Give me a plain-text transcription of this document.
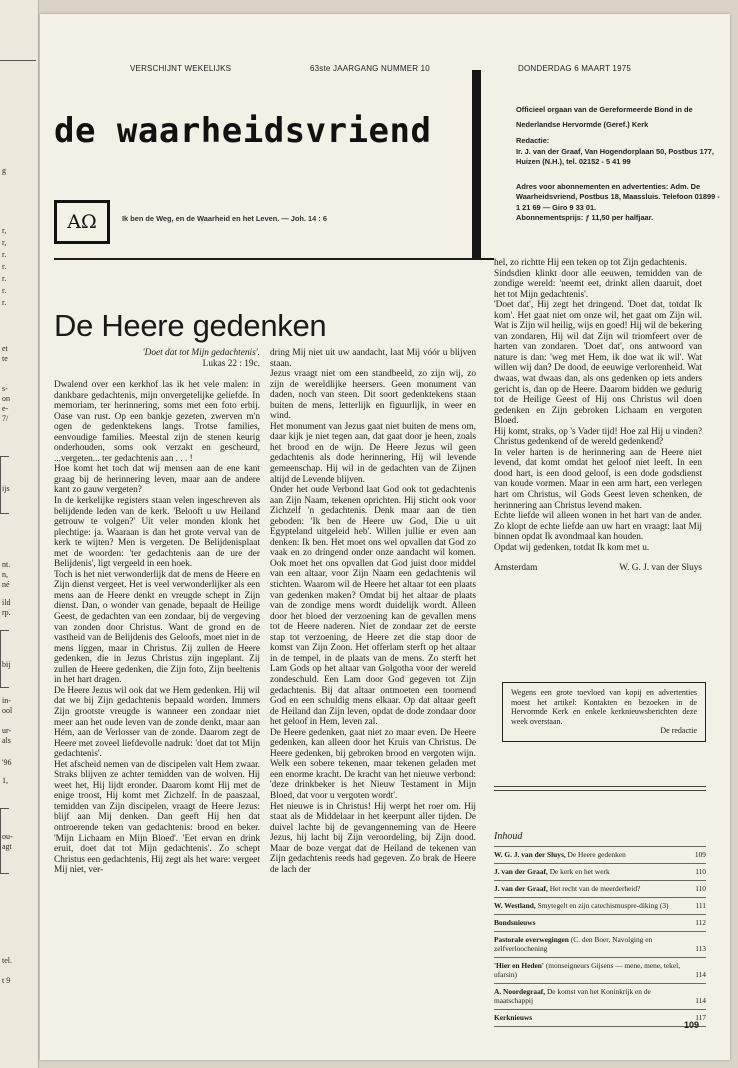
g
r,
r,
r.
r.
r.
r.
r.
et
te
s-
on
e-
7/
ijs
nt.
n,
né
ild
rp.
bij
in-
ool
ur-
als
'96
1,
ou-
agt
tel.
t 9
VERSCHIJNT WEKELIJKS	63ste JAARGANG NUMMER 10	DONDERDAG 6 MAART 1975
de waarheidsvriend

Officieel orgaan van de Gereformeerde Bond in de Nederlandse Hervormde (Geref.) Kerk

Redactie:

Ir. J. van der Graaf, Van Hogendorplaan 50, Postbus 177, Huizen (N.H.), tel. 02152 - 5 41 99

Adres voor abonnementen en advertenties: Adm. De Waarheidsvriend, Postbus 18, Maassluis. Telefoon 01899 - 1 21 69 — Giro 9 33 01.

Abonnementsprijs: ƒ 11,50 per halfjaar.

AΩ	Ik ben de Weg, en de Waarheid en het Leven. — Joh. 14 : 6
De Heere gedenken

'Doet dat tot Mijn gedachtenis'.
Lukas 22 : 19c.

Dwalend over een kerkhof las ik het vele malen: in dankbare gedachtenis, mijn onvergetelijke geliefde. In memoriam, ter herinnering, soms met een foto erbij. Oase van rust. Op een bankje gezeten, zwerven m'n ogen de gedenktekens langs. Trotse families, eenvoudige families. Meestal zijn de stenen keurig onderhouden, soms ook verzakt en gescheurd, ...vergeten... ter gedachtenis aan . . . !

Hoe komt het toch dat wij mensen aan de ene kant graag bij de herinnering leven, maar aan de andere kant zo gauw vergeten?

In de kerkelijke registers staan velen ingeschreven als belijdende leden van de kerk. 'Belooft u uw Heiland getrouw te volgen?' Uit veler monden klonk het plechtige: ja. Waaraan is dan het grote verval van de kerk te wijten? Men is vergeten. De Belijdenisplaat met de woorden: 'ter gedachtenis aan de ure der Belijdenis', ligt vergeeld in een hoek.

Toch is het niet verwonderlijk dat de mens de Heere en Zijn dienst vergeet. Het is veel verwonderlijker als een mens aan de Heere denkt en vreugde schept in Zijn dienst. Dan, o wonder van genade, bepaalt de Heilige Geest, de gedachten van een zondaar, bij de vergeving van zonden door Christus. Want de grond en de vastheid van de Belijdenis des Geloofs, moet niet in de mens liggen, maar in Christus. Zij zullen de Heere gedenken, die in Jezus Christus zijn ingeplant. Zij zullen de Heere gedenken, die Zijn foto, Zijn beeltenis in het hart dragen.

De Heere Jezus wil ook dat we Hem gedenken. Hij wil dat we bij Zijn gedachtenis bepaald worden. Immers Zijn grootste vreugde is wanneer een zondaar niet meer aan het oude leven van de zonde denkt, maar aan Hém, aan de Verlosser van de zonde. Daarom zegt de Heere met zoveel liefdevolle nadruk: 'doet dat tot Mijn gedachtenis'.

Het afscheid nemen van de discipelen valt Hem zwaar. Straks blijven ze achter temidden van de wolven. Hij weet het, Hij lijdt eronder. Daarom komt Hij met de enige troost, Hij komt met Zichzelf. In de paaszaal, temidden van Zijn discipelen, vraagt de Heere Jezus: blijf aan Mij denken. Dan geeft Hij hen dat ontroerende teken van gedachtenis: brood en beker. 'Mijn Lichaam en Mijn Bloed'. 'Eet ervan en drink eruit, doet dat tot Mijn gedachtenis'. Zo schept Christus een gedachtenis, Hij zegt als het ware: vergeet Mij niet, ver-

dring Mij niet uit uw aandacht, laat Mij vóór u blijven staan.

Jezus vraagt niet om een standbeeld, zo zijn wij, zo zijn de wereldlijke heersers. Geen monument van daden, noch van steen. Dit soort gedenktekens staan buiten de mens, letterlijk en figuurlijk, in weer en wind.

Het monument van Jezus gaat niet buiten de mens om, daar kijk je niet tegen aan, dat gaat door je heen, zoals het brood en de wijn. De Heere Jezus wil geen gedachtenis als dode herinnering, Hij wil levende gemeenschap. Hij wil in de gedachten van de Zijnen altijd de Levende blijven.

Onder het oude Verbond laat God ook tot gedachtenis aan Zijn Naam, tekenen oprichten. Hij sticht ook voor Zichzelf 'n gedachtenis. Denk maar aan de tien geboden: 'Ik ben de Heere uw God, Die u uit Egypteland uitgeleid heb'. Willen jullie er even aan denken: Ik ben. Het moet ons wel opvallen dat God zo vaak en zo dringend onder onze aandacht wil komen. Ook moet het ons opvallen dat God juist door middel van een altaar, voor Zijn Naam een gedachtenis wil stichten. Waarom wil de Heere het altaar tot een plaats van gedenken maken? Omdat bij het altaar de plaats van de zondige mens wordt duidelijk wordt. Alleen door het bloed der verzoening kan de gevallen mens tot de Heere naderen. Niet de zondaar zet de eerste stap tot verzoening, de Heere zet die stap door de komst van Zijn Zoon. Het offerlam sterft op het altaar in de tempel, in de plaats van de mens. Zo sterft het Lam Gods op het altaar van Golgotha voor der wereld zondeschuld. Een Lam door God gegeven tot Zijn gedachtenis. Bij dat altaar ontmoeten een toornend God en een schuldig mens elkaar. Op dat altaar geeft de Heiland dan Zijn leven, opdat de dode zondaar door het geloof in Hem, leven zal.

De Heere gedenken, gaat niet zo maar even. De Heere gedenken, kan alleen door het Kruis van Christus. De Heere gedenken, bij gebroken brood en vergoten wijn. Welk een sobere tekenen, maar tekenen geladen met een enorme kracht. De kracht van het nieuwe verbond: 'deze drinkbeker is het Nieuw Testament in Mijn Bloed, dat voor u vergoten wordt'.

Het nieuwe is in Christus! Hij werpt het roer om. Hij staat als de Middelaar in het keerpunt aller tijden. De duivel lachte bij de gevangenneming van de Heere Jezus, hij lacht bij Zijn veroordeling, bij Zijn dood. Maar de boze vergat dat de Heiland de tekenen van Zijn gedachtenis reeds had gegeven. Zo brak de Heere de lach der

hel, zo richtte Hij een teken op tot Zijn gedachtenis.

Sindsdien klinkt door alle eeuwen, temidden van de zondige wereld: 'neemt eet, drinkt allen daaruit, doet het tot Mijn gedachtenis'.

'Doet dat', Hij zegt het dringend. 'Doet dat, totdat Ik kom'. Het gaat niet om onze wil, het gaat om Zijn wil. Wat is Zijn wil heilig, wijs en goed! Hij wil de bekering van zondaren, Hij wil dat Zijn wil triomfeert over de harten van zondaren. 'Doet dat', ons antwoord van nature is dan: 'weg met Hem, ik doe wat ik wil'. Wat willen wij dan? De dood, de eeuwige verlorenheid. Wat dwaas, wat dwaas dan, als ons gedenken op iets anders gericht is, dan op de Heere. Daarom bidden we gedurig tot de Heilige Geest of Hij ons Christus wil doen gedenken en Zijn gebroken Lichaam en vergoten Bloed.

Hij komt, straks, op 's Vader tijd! Hoe zal Hij u vinden? Christus gedenkend of de wereld gedenkend?

In veler harten is de herinnering aan de Heere niet levend, dat komt omdat het geloof niet leeft. In een dood hart, is een dood geloof, is een dode godsdienst van koude vormen. Maar in een arm hart, een verlegen hart om Christus, wil Gods Geest leven schenken, de herinnering aan Christus levend maken.

Echte liefde wil alleen wonen in het hart van de ander. Zo klopt de echte liefde aan uw hart en vraagt: laat Mij binnen opdat Ik avondmaal kan houden.

Opdat wij gedenken, totdat Ik kom met u.

Amsterdam	W. G. J. van der Sluys

Wegens een grote toevloed van kopij en advertenties moest het artikel: Kontakten en bezoeken in de Hervormde Kerk en enkele kerknieuwsberichten deze week overstaan.
De redactie
Inhoud
W. G. J. van der Sluys, De Heere gedenken	109
J. van der Graaf, De kerk en het werk	110
J. van der Graaf, Het recht van de meerderheid?	110
W. Westland, Smytegelt en zijn catechismuspre-diking (3)	111
Bondsnieuws	112
Pastorale overwegingen (C. den Boer, Navolging en zelfverloochening	113
'Hier en Heden' (monseigneurs Gijsens — mene, mene, tekel, ufarsin)	114
A. Noordegraaf, De komst van het Koninkrijk en de maatschappij	114
Kerknieuws	117
109
